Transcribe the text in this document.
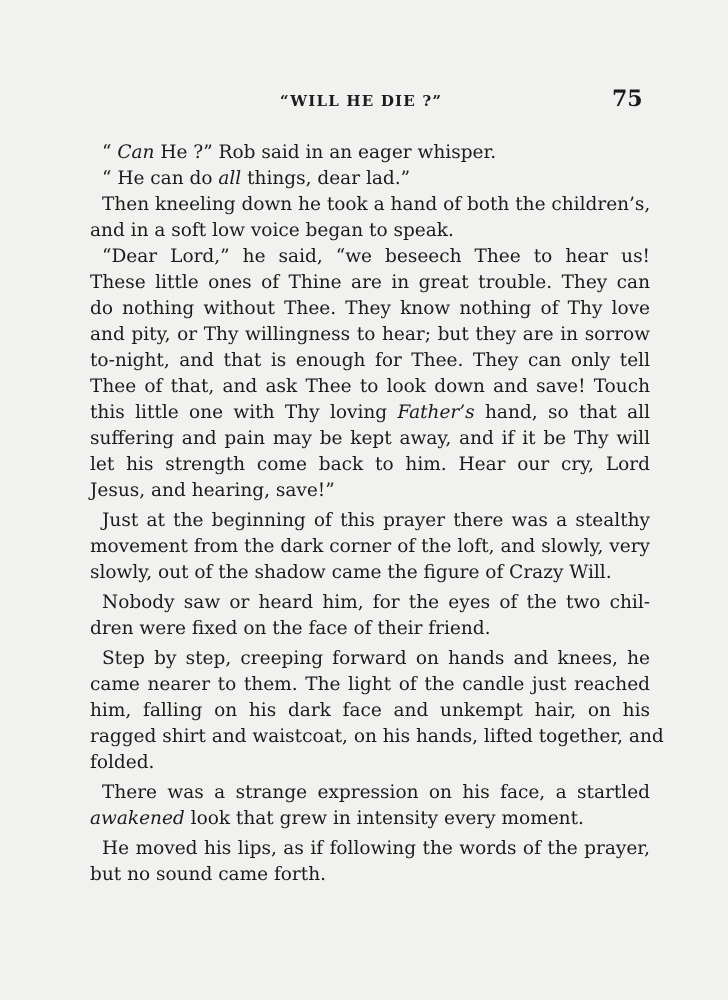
“WILL HE DIE ?”	75
“ Can He ?” Rob said in an eager whisper.
“ He can do all things, dear lad.”
Then kneeling down he took a hand of both the children’s,
and in a soft low voice began to speak.
“Dear Lord,” he said, “we beseech Thee to hear us!
These little ones of Thine are in great trouble. They can
do nothing without Thee. They know nothing of Thy love
and pity, or Thy willingness to hear; but they are in sorrow
to-night, and that is enough for Thee. They can only tell
Thee of that, and ask Thee to look down and save! Touch
this little one with Thy loving Father’s hand, so that all
suffering and pain may be kept away, and if it be Thy will
let his strength come back to him. Hear our cry, Lord
Jesus, and hearing, save!”
Just at the beginning of this prayer there was a stealthy
movement from the dark corner of the loft, and slowly, very
slowly, out of the shadow came the figure of Crazy Will.
Nobody saw or heard him, for the eyes of the two chil-
dren were fixed on the face of their friend.
Step by step, creeping forward on hands and knees, he
came nearer to them. The light of the candle just reached
him, falling on his dark face and unkempt hair, on his
ragged shirt and waistcoat, on his hands, lifted together, and
folded.
There was a strange expression on his face, a startled
awakened look that grew in intensity every moment.
He moved his lips, as if following the words of the prayer,
but no sound came forth.
